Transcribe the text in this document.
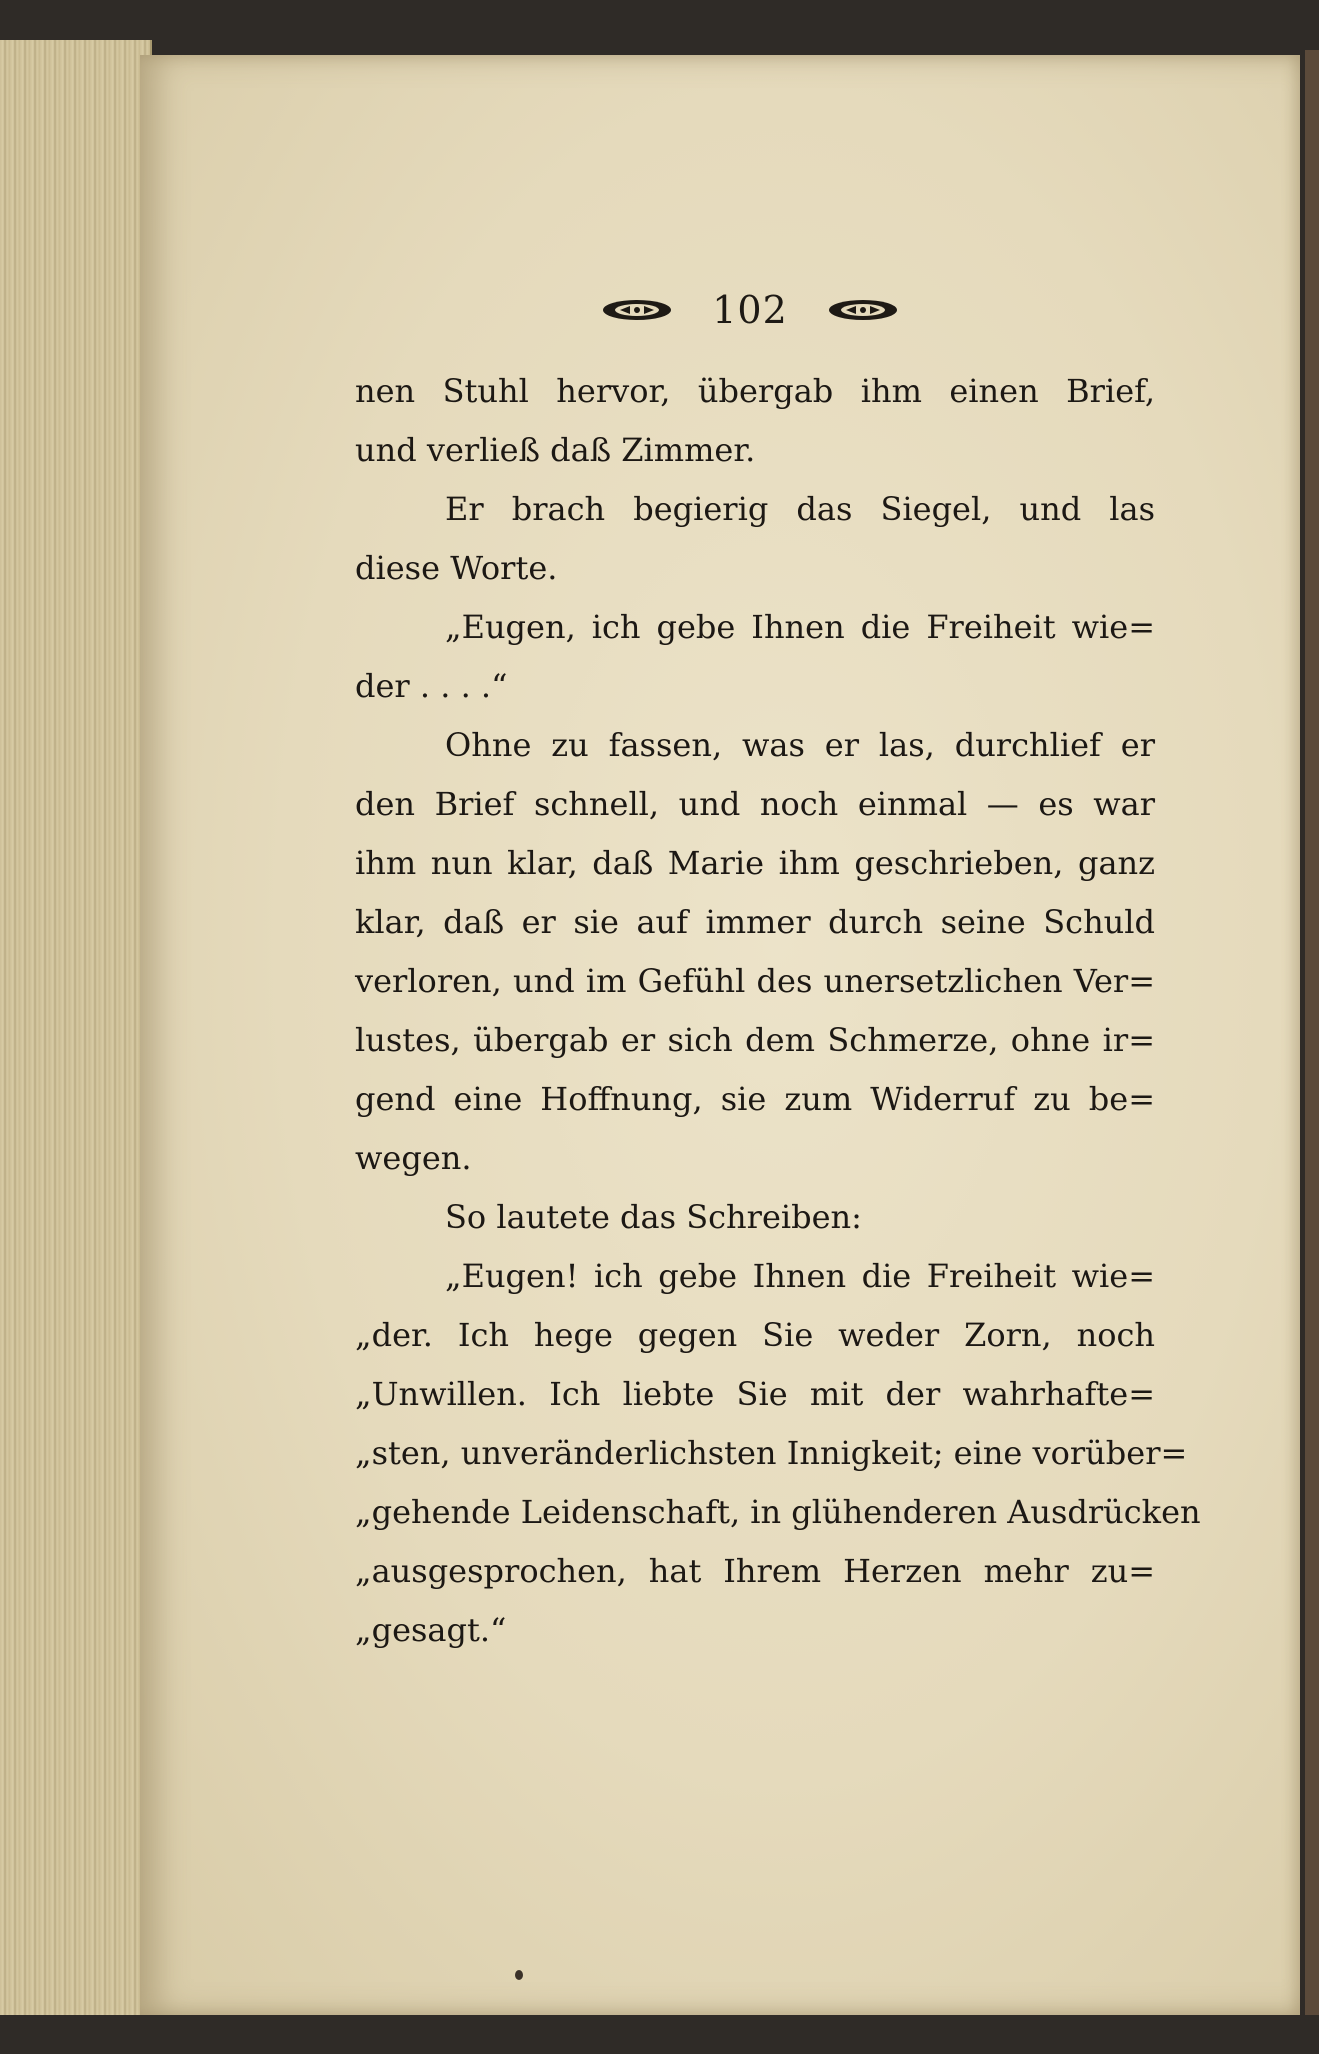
102
nen Stuhl hervor, übergab ihm einen Brief,
und verließ daß Zimmer.
Er brach begierig das Siegel, und las
diese Worte.
„Eugen, ich gebe Ihnen die Freiheit wie=
der . . . .“
Ohne zu fassen, was er las, durchlief er
den Brief schnell, und noch einmal — es war
ihm nun klar, daß Marie ihm geschrieben, ganz
klar, daß er sie auf immer durch seine Schuld
verloren, und im Gefühl des unersetzlichen Ver=
lustes, übergab er sich dem Schmerze, ohne ir=
gend eine Hoffnung, sie zum Widerruf zu be=
wegen.
So lautete das Schreiben:
„Eugen! ich gebe Ihnen die Freiheit wie=
„der. Ich hege gegen Sie weder Zorn, noch
„Unwillen. Ich liebte Sie mit der wahrhafte=
„sten, unveränderlichsten Innigkeit; eine vorüber=
„gehende Leidenschaft, in glühenderen Ausdrücken
„ausgesprochen, hat Ihrem Herzen mehr zu=
„gesagt.“
